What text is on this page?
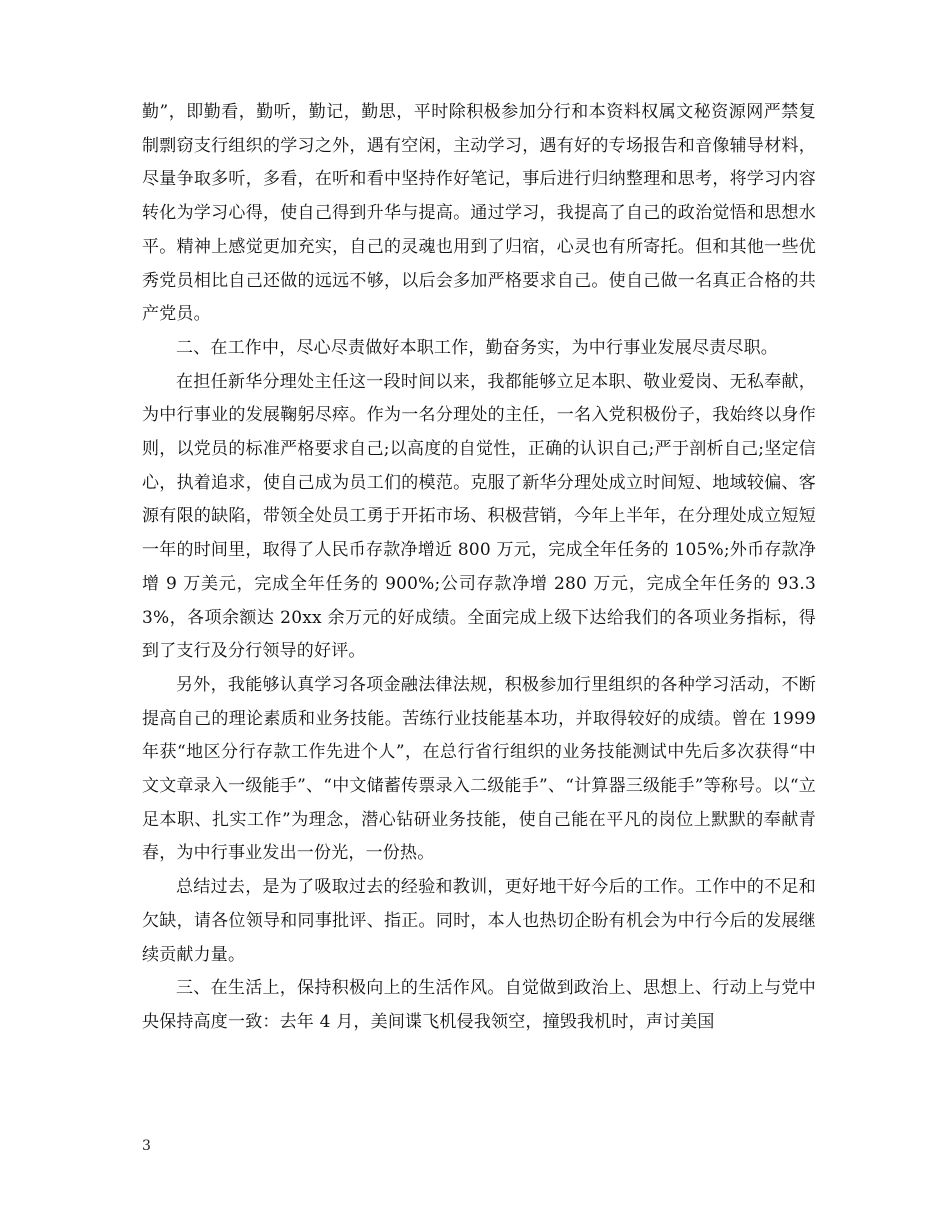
勤”，即勤看，勤听，勤记，勤思，平时除积极参加分行和本资料权属文秘资源网严禁复制剽窃支行组织的学习之外，遇有空闲，主动学习，遇有好的专场报告和音像辅导材料，尽量争取多听，多看，在听和看中坚持作好笔记，事后进行归纳整理和思考，将学习内容转化为学习心得，使自己得到升华与提高。通过学习，我提高了自己的政治觉悟和思想水平。精神上感觉更加充实，自己的灵魂也用到了归宿，心灵也有所寄托。但和其他一些优秀党员相比自己还做的远远不够，以后会多加严格要求自己。使自己做一名真正合格的共产党员。

二、在工作中，尽心尽责做好本职工作，勤奋务实，为中行事业发展尽责尽职。

在担任新华分理处主任这一段时间以来，我都能够立足本职、敬业爱岗、无私奉献，为中行事业的发展鞠躬尽瘁。作为一名分理处的主任，一名入党积极份子，我始终以身作则，以党员的标准严格要求自己;以高度的自觉性，正确的认识自己;严于剖析自己;坚定信心，执着追求，使自己成为员工们的模范。克服了新华分理处成立时间短、地域较偏、客源有限的缺陷，带领全处员工勇于开拓市场、积极营销，今年上半年，在分理处成立短短一年的时间里，取得了人民币存款净增近 800 万元，完成全年任务的 105%;外币存款净增 9 万美元，完成全年任务的 900%;公司存款净增 280 万元，完成全年任务的 93.33%，各项余额达 20xx 余万元的好成绩。全面完成上级下达给我们的各项业务指标，得到了支行及分行领导的好评。

另外，我能够认真学习各项金融法律法规，积极参加行里组织的各种学习活动，不断提高自己的理论素质和业务技能。苦练行业技能基本功，并取得较好的成绩。曾在 1999 年获“地区分行存款工作先进个人”，在总行省行组织的业务技能测试中先后多次获得“中文文章录入一级能手”、“中文储蓄传票录入二级能手”、“计算器三级能手”等称号。以“立足本职、扎实工作”为理念，潜心钻研业务技能，使自己能在平凡的岗位上默默的奉献青春，为中行事业发出一份光，一份热。

总结过去，是为了吸取过去的经验和教训，更好地干好今后的工作。工作中的不足和欠缺，请各位领导和同事批评、指正。同时，本人也热切企盼有机会为中行今后的发展继续贡献力量。

三、在生活上，保持积极向上的生活作风。自觉做到政治上、思想上、行动上与党中央保持高度一致：去年 4 月，美间谍飞机侵我领空，撞毁我机时，声讨美国

3
